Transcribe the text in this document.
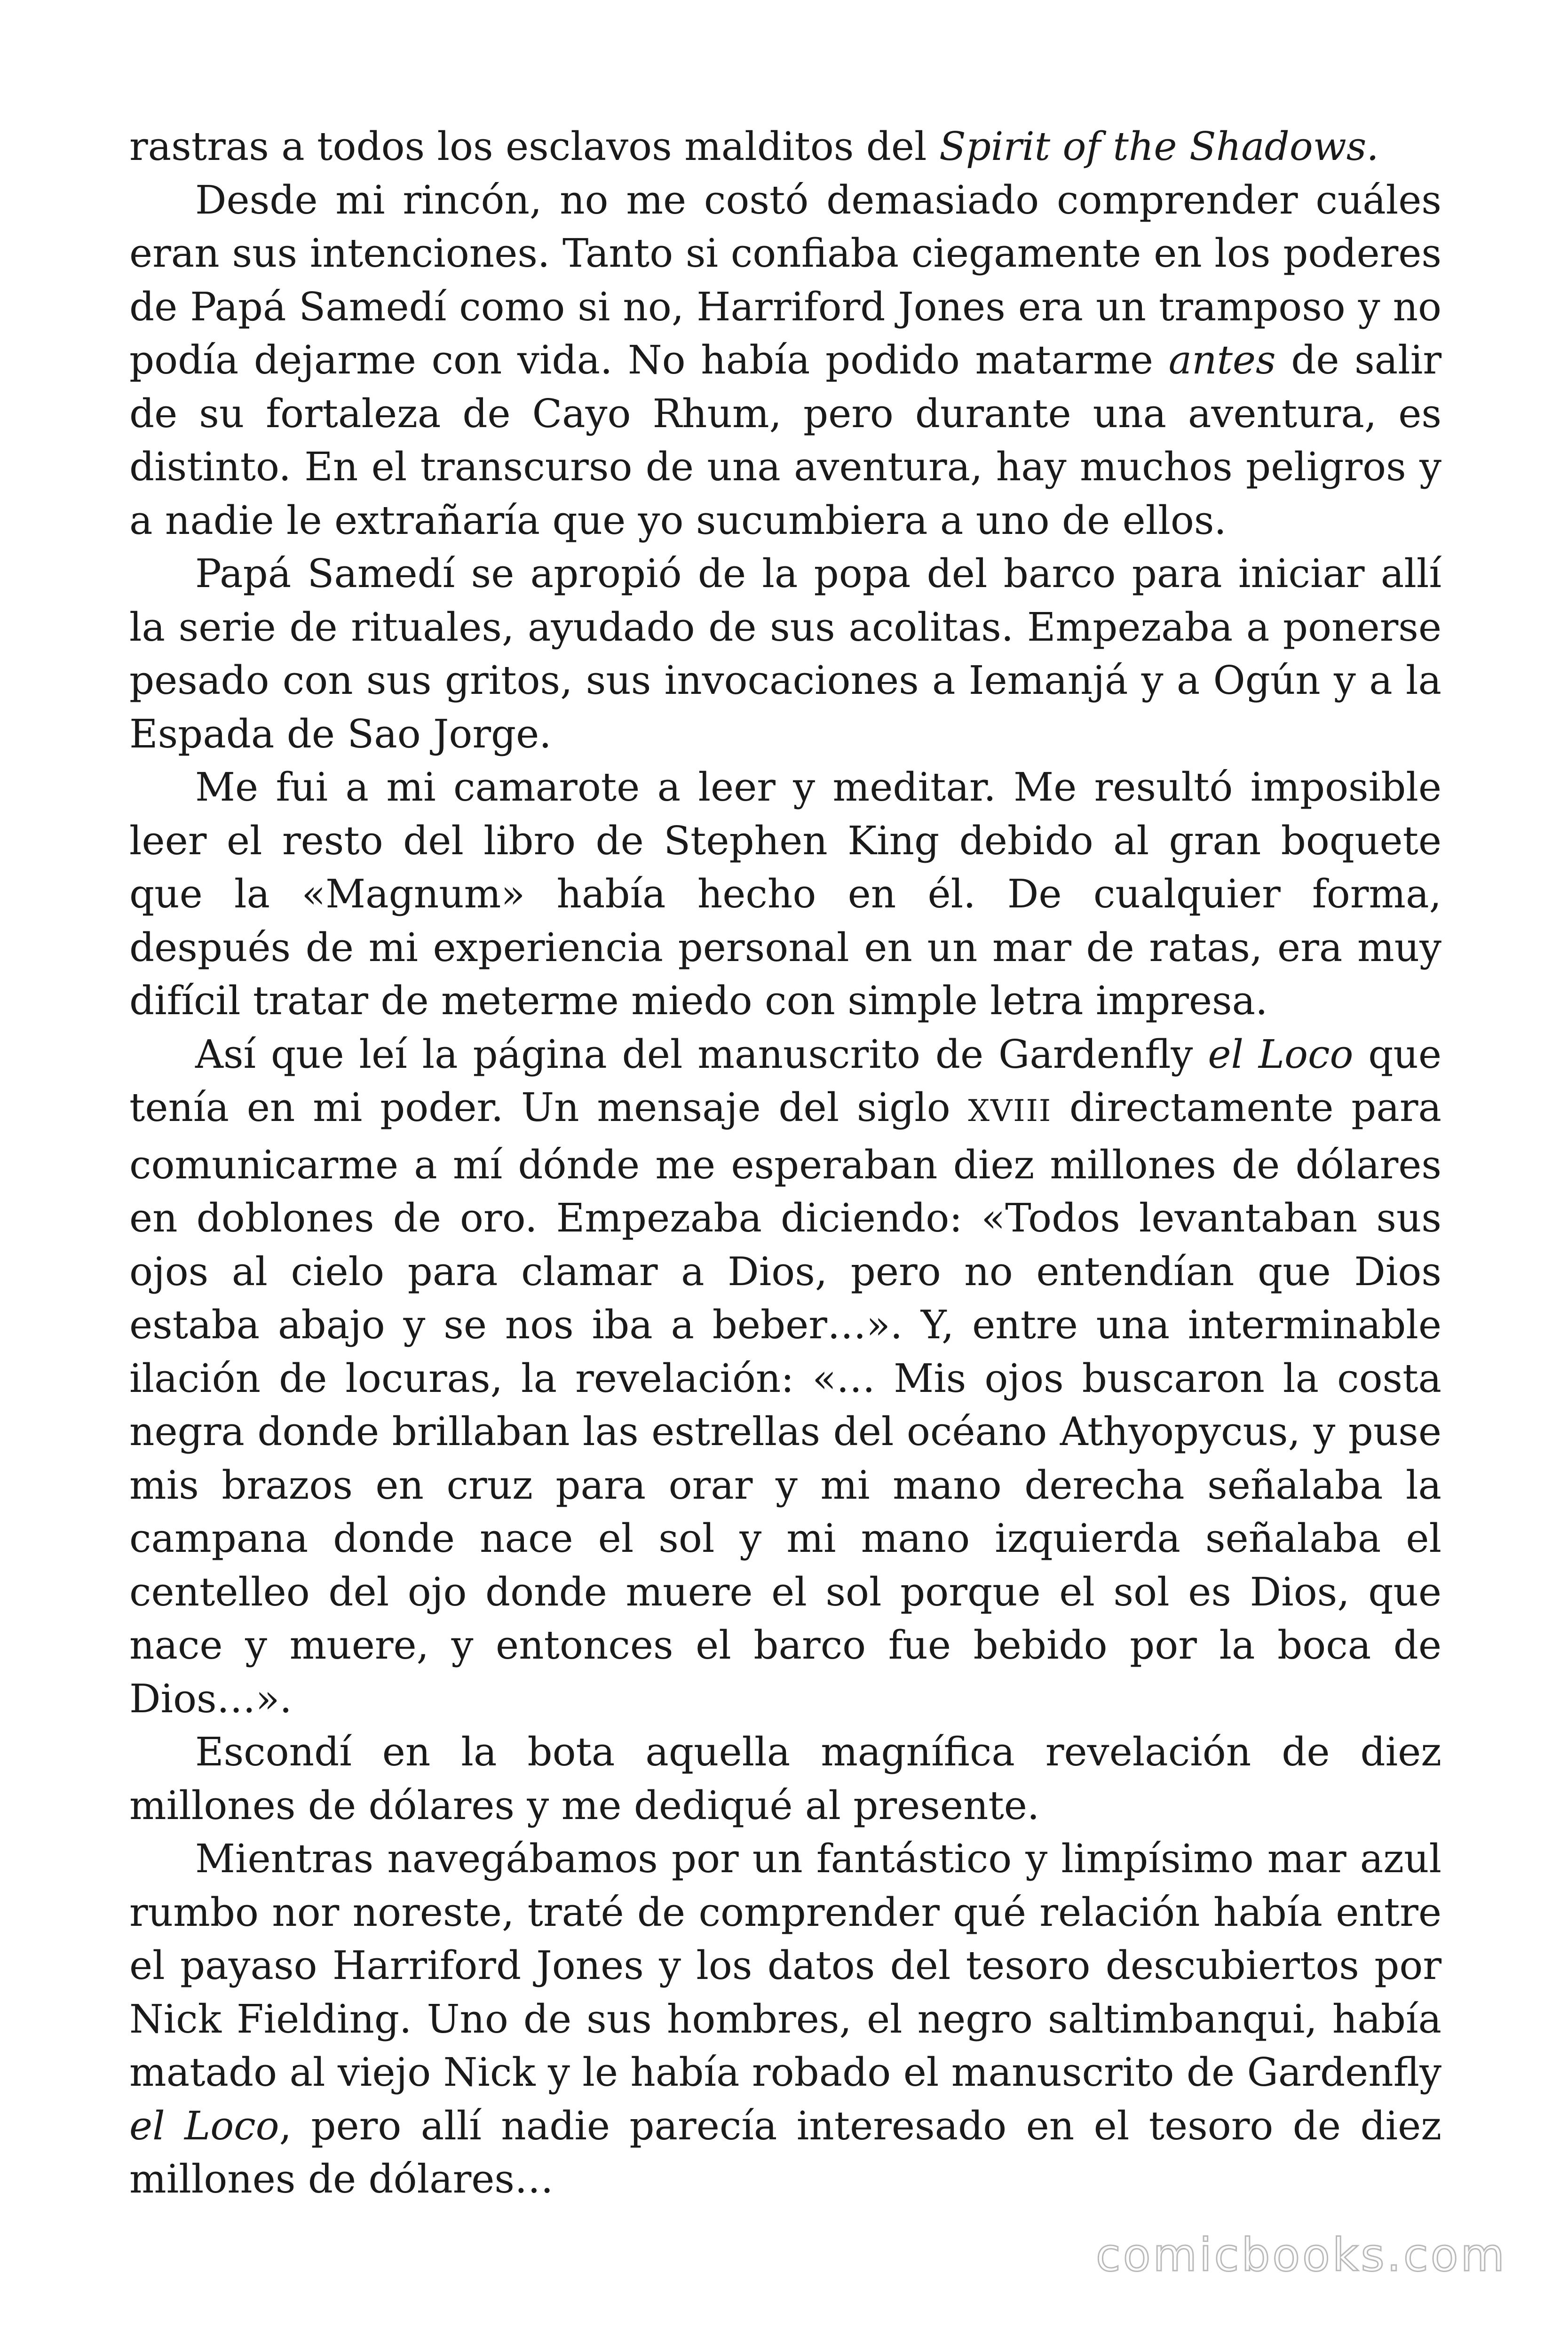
rastras a todos los esclavos malditos del Spirit of the Shadows.

Desde mi rincón, no me costó demasiado comprender cuáles eran sus intenciones. Tanto si confiaba ciegamente en los poderes de Papá Samedí como si no, Harriford Jones era un tramposo y no podía dejarme con vida. No había podido matarme antes de salir de su fortaleza de Cayo Rhum, pero durante una aventura, es distinto. En el transcurso de una aventura, hay muchos peligros y a nadie le extrañaría que yo sucumbiera a uno de ellos.

Papá Samedí se apropió de la popa del barco para iniciar allí la serie de rituales, ayudado de sus acolitas. Empezaba a ponerse pesado con sus gritos, sus invocaciones a Iemanjá y a Ogún y a la Espada de Sao Jorge.

Me fui a mi camarote a leer y meditar. Me resultó imposible leer el resto del libro de Stephen King debido al gran boquete que la «Magnum» había hecho en él. De cualquier forma, después de mi experiencia personal en un mar de ratas, era muy difícil tratar de meterme miedo con simple letra impresa.

Así que leí la página del manuscrito de Gardenfly el Loco que tenía en mi poder. Un mensaje del siglo XVIII directamente para comunicarme a mí dónde me esperaban diez millones de dólares en doblones de oro. Empezaba diciendo: «Todos levantaban sus ojos al cielo para clamar a Dios, pero no entendían que Dios estaba abajo y se nos iba a beber…». Y, entre una interminable ilación de locuras, la revelación: «… Mis ojos buscaron la costa negra donde brillaban las estrellas del océano Athyopycus, y puse mis brazos en cruz para orar y mi mano derecha señalaba la campana donde nace el sol y mi mano izquierda señalaba el centelleo del ojo donde muere el sol porque el sol es Dios, que nace y muere, y entonces el barco fue bebido por la boca de Dios…».

Escondí en la bota aquella magnífica revelación de diez millones de dólares y me dediqué al presente.

Mientras navegábamos por un fantástico y limpísimo mar azul rumbo nor noreste, traté de comprender qué relación había entre el payaso Harriford Jones y los datos del tesoro descubiertos por Nick Fielding. Uno de sus hombres, el negro saltimbanqui, había matado al viejo Nick y le había robado el manuscrito de Gardenfly el Loco, pero allí nadie parecía interesado en el tesoro de diez millones de dólares…

comicbooks.com
